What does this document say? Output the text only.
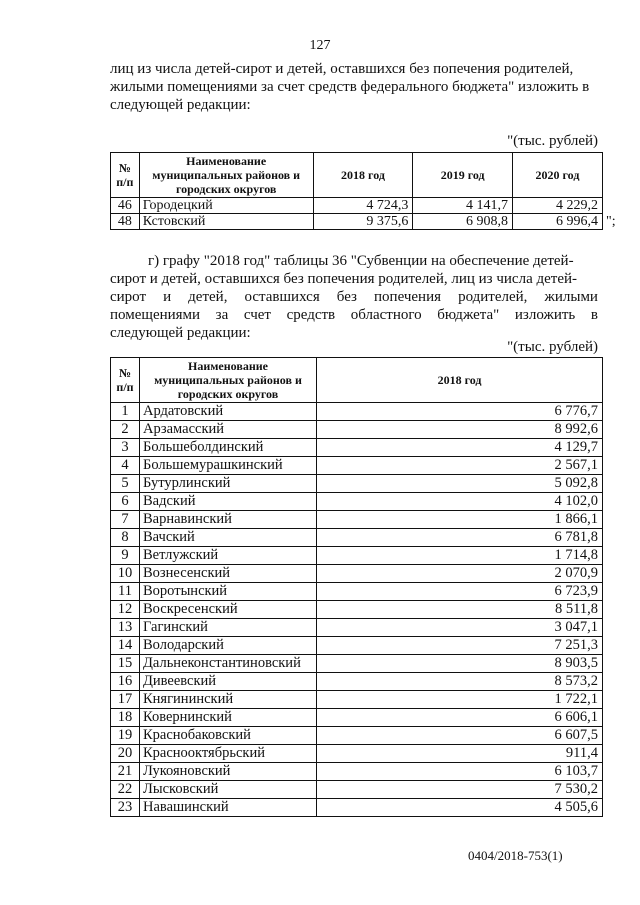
127

лиц из числа детей-сирот и детей, оставшихся без попечения родителей,
жилыми помещениями за счет средств федерального бюджета" изложить в
следующей редакции:

"(тыс. рублей)
№ п/п	Наименование муниципальных районов и городских округов	2018 год	2019 год	2020 год
46	Городецкий	4 724,3	4 141,7	4 229,2
48	Кстовский	9 375,6	6 908,8	6 996,4 ";

г) графу "2018 год" таблицы 36 "Субвенции на обеспечение детей-
сирот и детей, оставшихся без попечения родителей, лиц из числа детей-
сирот и детей, оставшихся без попечения родителей, жилыми
помещениями за счет средств областного бюджета" изложить в
следующей редакции:

"(тыс. рублей)
№ п/п	Наименование муниципальных районов и городских округов	2018 год
1	Ардатовский	6 776,7
2	Арзамасский	8 992,6
3	Большеболдинский	4 129,7
4	Большемурашкинский	2 567,1
5	Бутурлинский	5 092,8
6	Вадский	4 102,0
7	Варнавинский	1 866,1
8	Вачский	6 781,8
9	Ветлужский	1 714,8
10	Вознесенский	2 070,9
11	Воротынский	6 723,9
12	Воскресенский	8 511,8
13	Гагинский	3 047,1
14	Володарский	7 251,3
15	Дальнеконстантиновский	8 903,5
16	Дивеевский	8 573,2
17	Княгининский	1 722,1
18	Ковернинский	6 606,1
19	Краснобаковский	6 607,5
20	Краснооктябрьский	911,4
21	Лукояновский	6 103,7
22	Лысковский	7 530,2
23	Навашинский	4 505,6
0404/2018-753(1)
